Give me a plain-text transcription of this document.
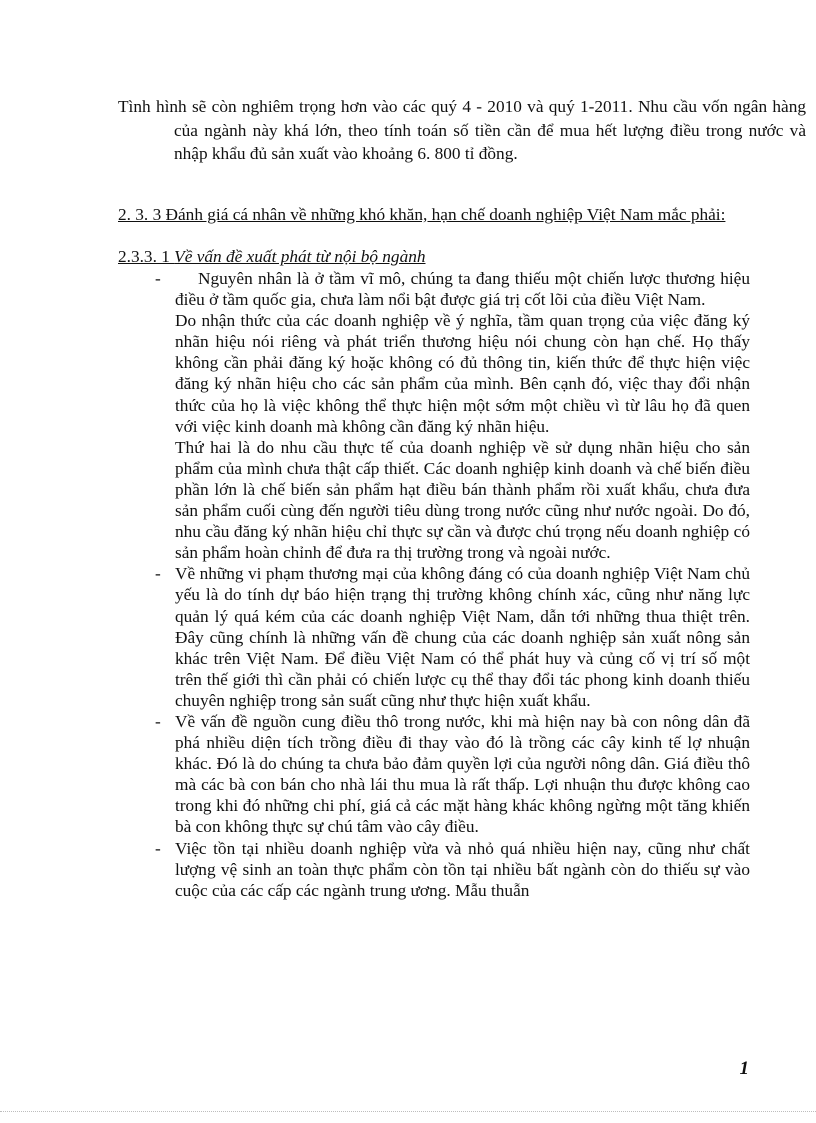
Tình hình sẽ còn nghiêm trọng hơn vào các quý 4 - 2010 và quý 1-2011. Nhu cầu vốn ngân hàng của ngành này khá lớn, theo tính toán số tiền cần để mua hết lượng điều trong nước và nhập khẩu đủ sản xuất vào khoảng 6. 800 tỉ đồng.

2. 3. 3 Đánh giá cá nhân về những khó khăn, hạn chế doanh nghiệp Việt Nam mắc phải:
2.3.3. 1 Về vấn đề xuất phát từ nội bộ ngành
-	Nguyên nhân là ở tầm vĩ mô, chúng ta đang thiếu một chiến lược thương hiệu điều ở tầm quốc gia, chưa làm nổi bật được giá trị cốt lõi của điều Việt Nam.

Do nhận thức của các doanh nghiệp về ý nghĩa, tầm quan trọng của việc đăng ký nhãn hiệu nói riêng và phát triển thương hiệu nói chung còn hạn chế. Họ thấy không cần phải đăng ký hoặc không có đủ thông tin, kiến thức để thực hiện việc đăng ký nhãn hiệu cho các sản phẩm của mình. Bên cạnh đó, việc thay đổi nhận thức của họ là việc không thể thực hiện một sớm một chiều vì từ lâu họ đã quen với việc kinh doanh mà không cần đăng ký nhãn hiệu.

Thứ hai là do nhu cầu thực tế của doanh nghiệp về sử dụng nhãn hiệu cho sản phẩm của mình chưa thật cấp thiết. Các doanh nghiệp kinh doanh và chế biến điều phần lớn là chế biến sản phẩm hạt điều bán thành phẩm rồi xuất khẩu, chưa đưa sản phẩm cuối cùng đến người tiêu dùng trong nước cũng như nước ngoài. Do đó, nhu cầu đăng ký nhãn hiệu chỉ thực sự cần và được chú trọng nếu doanh nghiệp có sản phẩm hoàn chỉnh để đưa ra thị trường trong và ngoài nước.

- Về những vi phạm thương mại của không đáng có của doanh nghiệp Việt Nam chủ yếu là do tính dự báo hiện trạng thị trường không chính xác, cũng như năng lực quản lý quá kém của các doanh nghiệp Việt Nam, dẫn tới những thua thiệt trên. Đây cũng chính là những vấn đề chung của các doanh nghiệp sản xuất nông sản khác trên Việt Nam. Để điều Việt Nam có thể phát huy và củng cố vị trí số một trên thế giới thì cần phải có chiến lược cụ thể thay đổi tác phong kinh doanh thiếu chuyên nghiệp trong sản suất cũng như thực hiện xuất khẩu.

- Về vấn đề nguồn cung điều thô trong nước, khi mà hiện nay bà con nông dân đã phá nhiều diện tích trồng điều đi thay vào đó là trồng các cây kinh tế lợ nhuận khác. Đó là do chúng ta chưa bảo đảm quyền lợi của người nông dân. Giá điều thô mà các bà con bán cho nhà lái thu mua là rất thấp. Lợi nhuận thu được không cao trong khi đó những chi phí, giá cả các mặt hàng khác không ngừng một tăng khiến bà con không thực sự chú tâm vào cây điều.

- Việc tồn tại nhiều doanh nghiệp vừa và nhỏ quá nhiều hiện nay, cũng như chất lượng vệ sinh an toàn thực phẩm còn tồn tại nhiều bất ngành còn do thiếu sự vào cuộc của các cấp các ngành trung ương. Mẫu thuẫn

1
